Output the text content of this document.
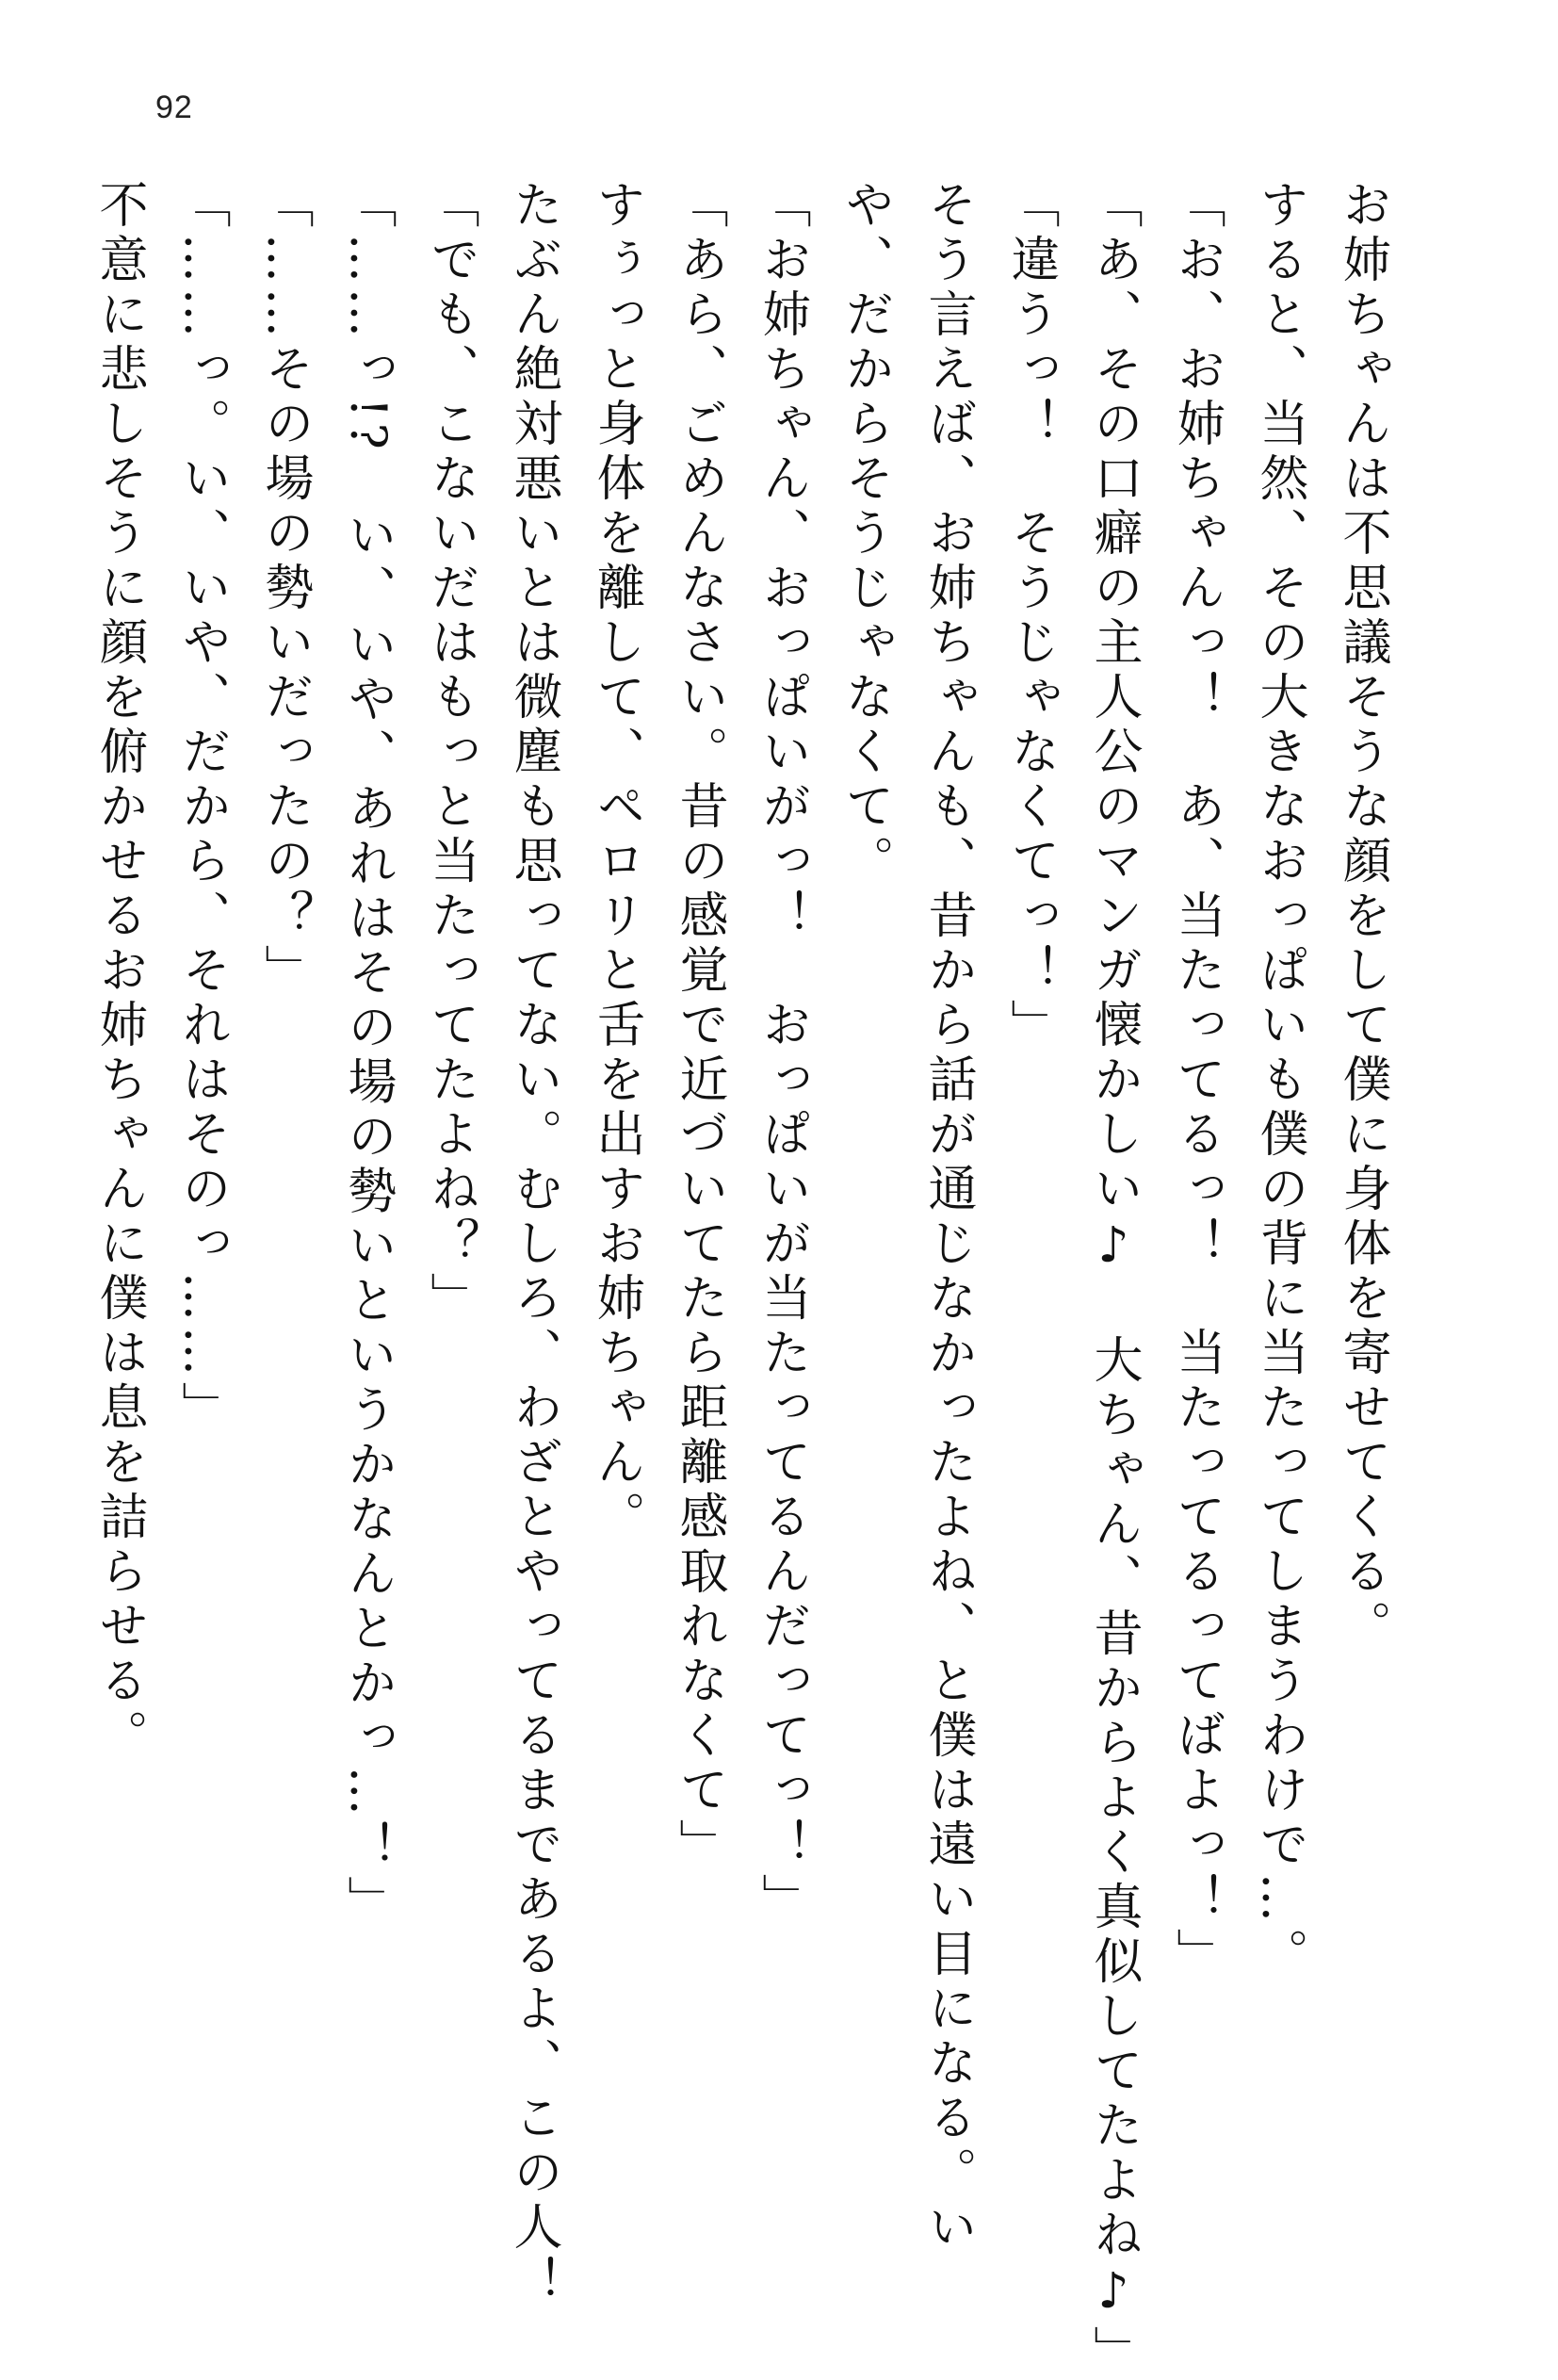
92
お姉ちゃんは不思議そうな顔をして僕に身体を寄せてくる。
すると、当然、その大きなおっぱいも僕の背に当たってしまうわけで…。
「お、お姉ちゃんっ！　あ、当たってるっ！　当たってるってばよっ！」
「あ、その口癖の主人公のマンガ懐かしい♪　大ちゃん、昔からよく真似してたよね♪」
「違うっ！　そうじゃなくてっ！」
そう言えば、お姉ちゃんも、昔から話が通じなかったよね、と僕は遠い目になる。い
や、だからそうじゃなくて。
「お姉ちゃん、おっぱいがっ！　おっぱいが当たってるんだってっ！」
「あら、ごめんなさい。昔の感覚で近づいてたら距離感取れなくて」
すぅっと身体を離して、ペロリと舌を出すお姉ちゃん。
たぶん絶対悪いとは微塵も思ってない。むしろ、わざとやってるまであるよ、この人！
「でも、こないだはもっと当たってたよね？」
「……っ!?　い、いや、あれはその場の勢いというかなんとかっ…！」
「……その場の勢いだったの？」
「……っ。い、いや、だから、それはそのっ……」
不意に悲しそうに顔を俯かせるお姉ちゃんに僕は息を詰らせる。
